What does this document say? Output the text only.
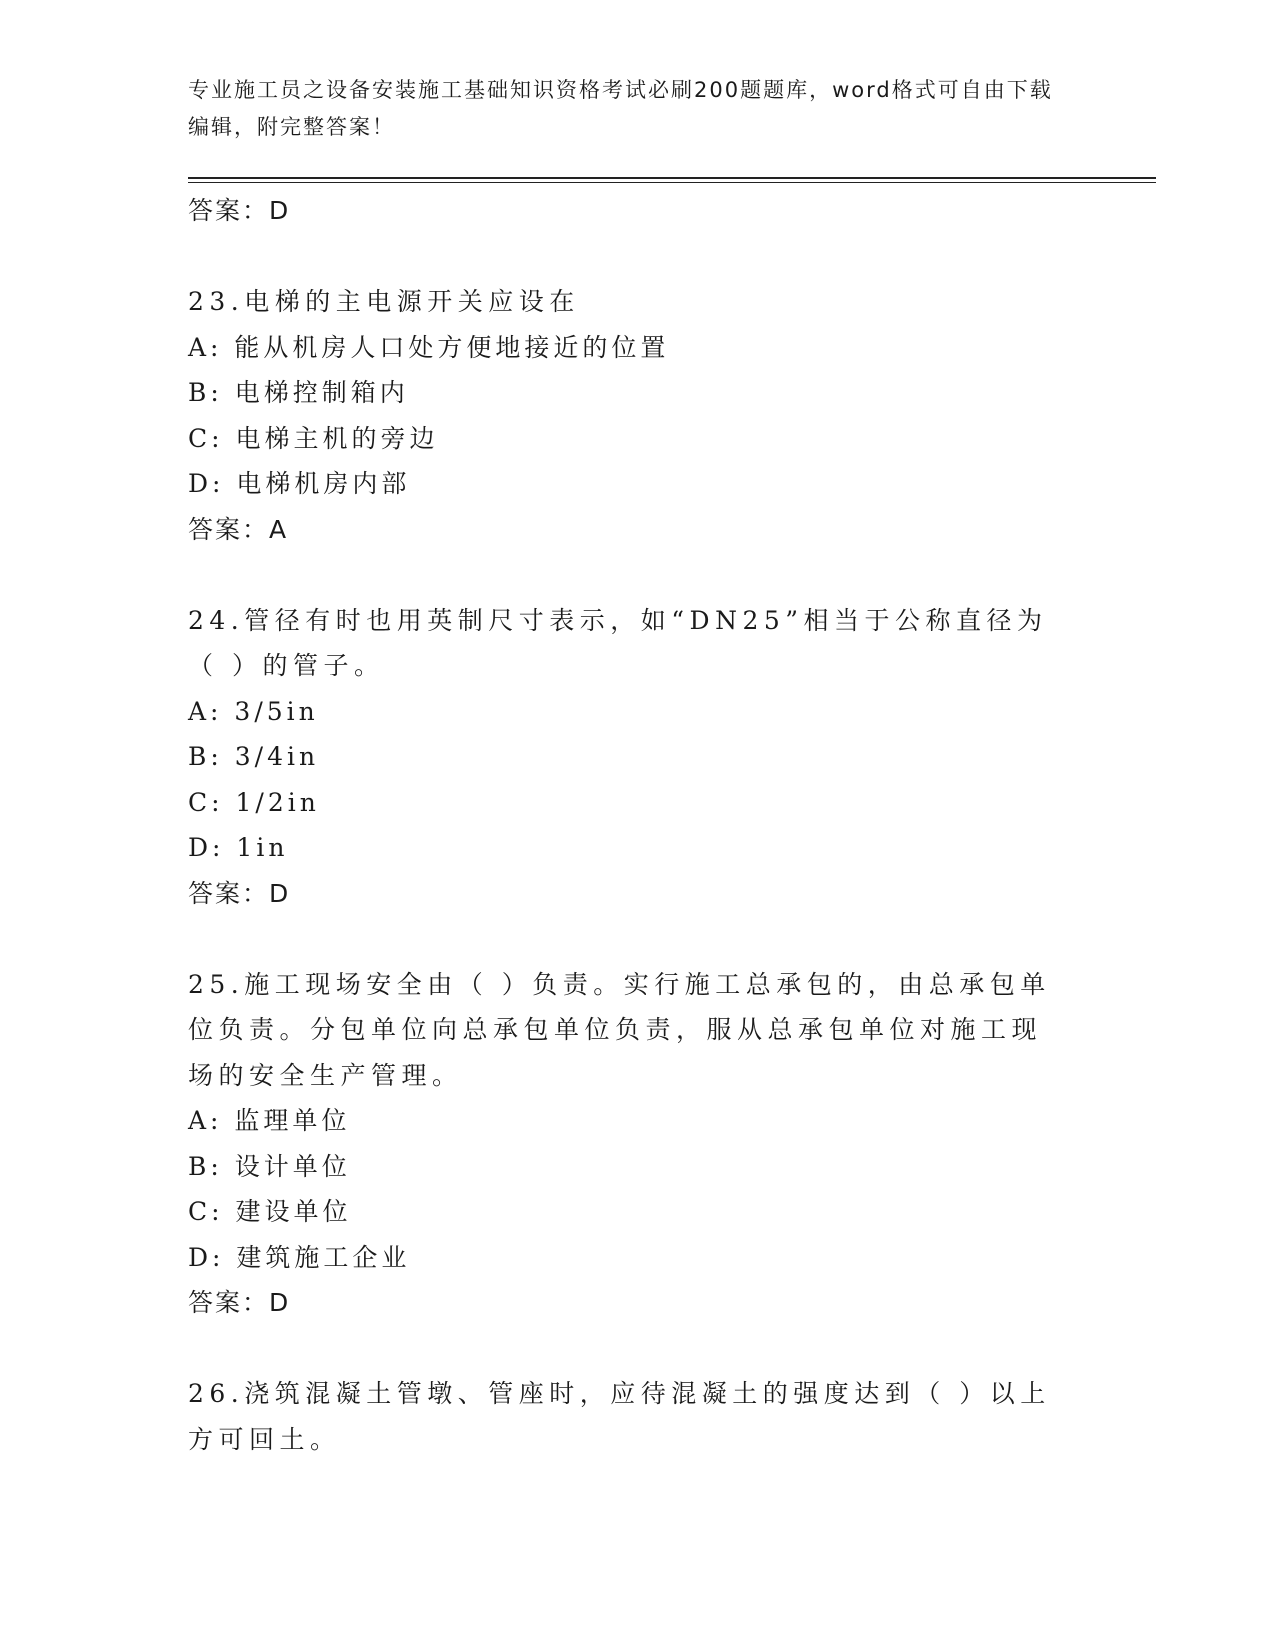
专业施工员之设备安装施工基础知识资格考试必刷200题题库，word格式可自由下载编辑，附完整答案！
答案：D
23.电梯的主电源开关应设在
A: 能从机房人口处方便地接近的位置
B: 电梯控制箱内
C: 电梯主机的旁边
D: 电梯机房内部
答案：A
24.管径有时也用英制尺寸表示，如“DN25”相当于公称直径为（ ）的管子。
A: 3/5in
B: 3/4in
C: 1/2in
D: 1in
答案：D
25.施工现场安全由（ ）负责。实行施工总承包的，由总承包单位负责。分包单位向总承包单位负责，服从总承包单位对施工现场的安全生产管理。
A: 监理单位
B: 设计单位
C: 建设单位
D: 建筑施工企业
答案：D
26.浇筑混凝土管墩、管座时，应待混凝土的强度达到（ ）以上方可回土。
